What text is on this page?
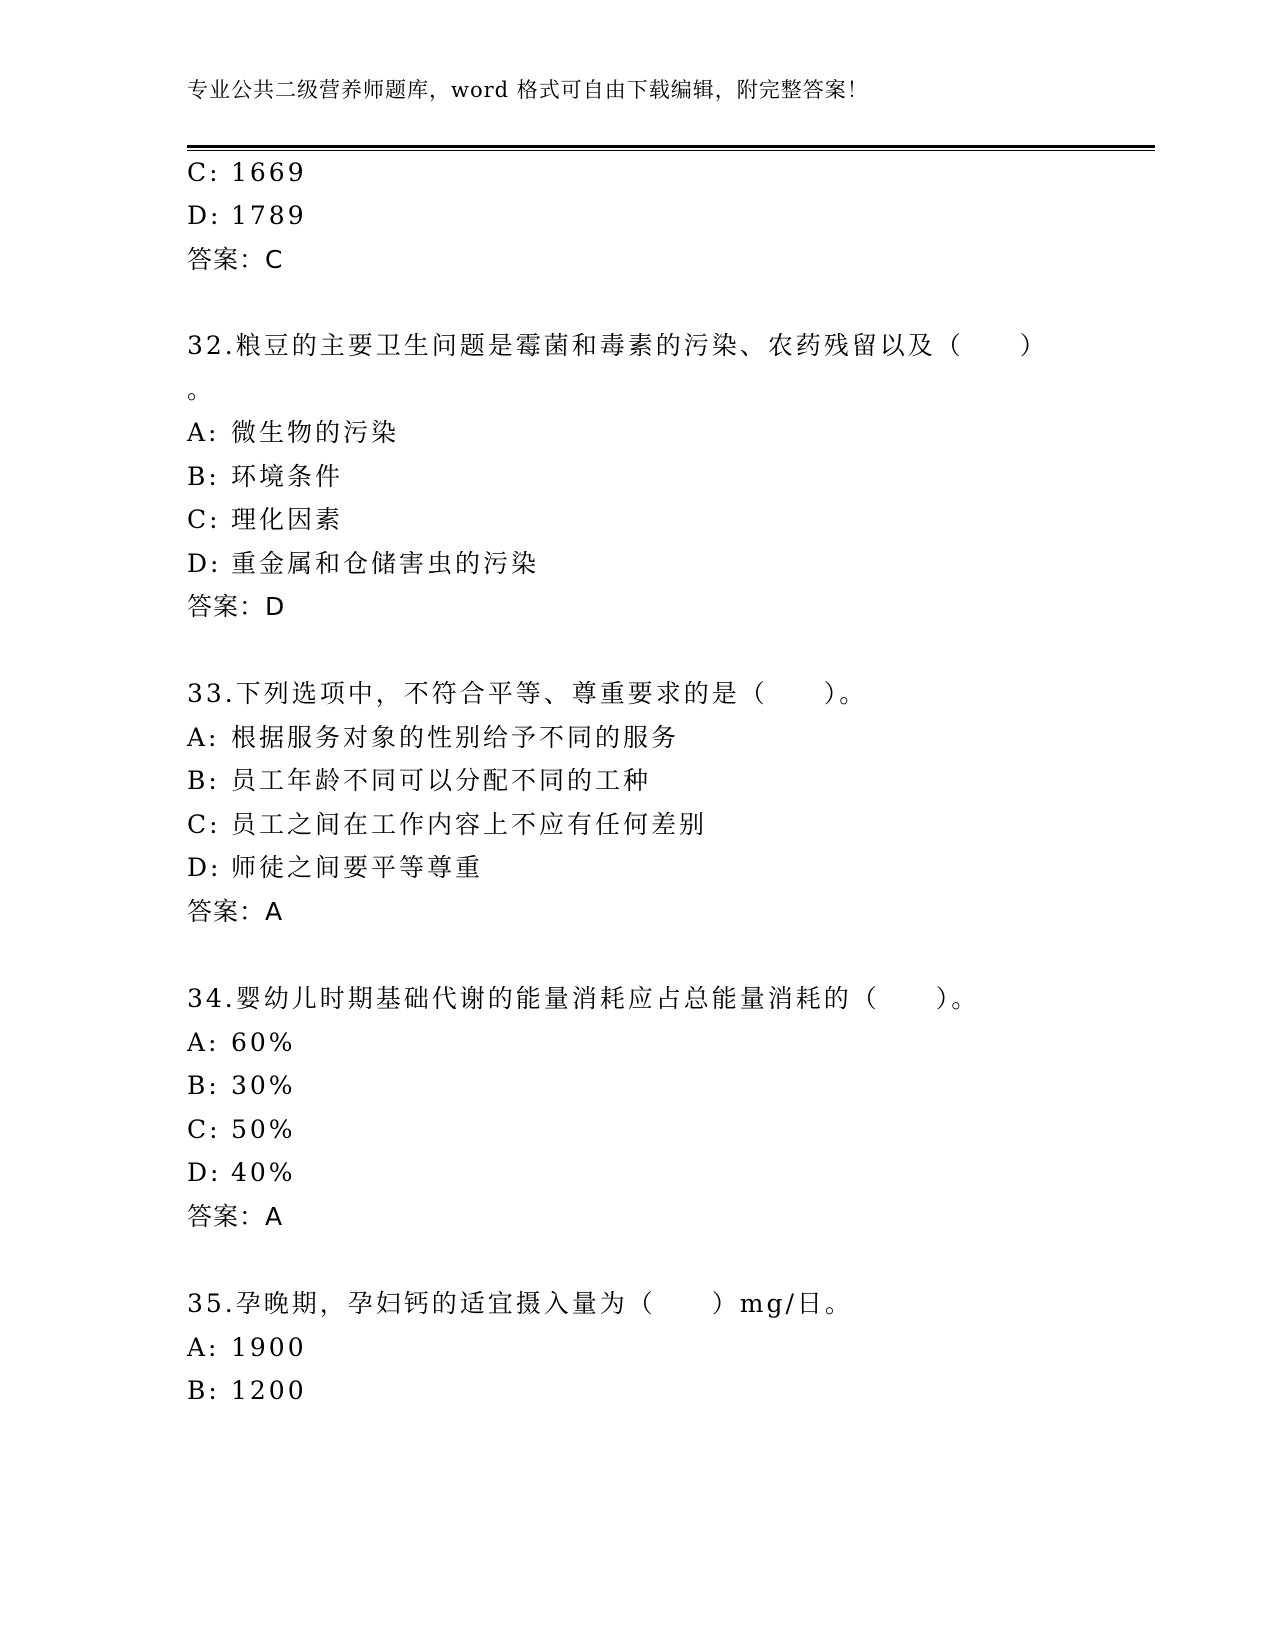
专业公共二级营养师题库，word 格式可自由下载编辑，附完整答案！
C: 1669
D: 1789
答案：C
32.粮豆的主要卫生问题是霉菌和毒素的污染、农药残留以及（　　）
。
A: 微生物的污染
B: 环境条件
C: 理化因素
D: 重金属和仓储害虫的污染
答案：D
33.下列选项中，不符合平等、尊重要求的是（　　）。
A: 根据服务对象的性别给予不同的服务
B: 员工年龄不同可以分配不同的工种
C: 员工之间在工作内容上不应有任何差别
D: 师徒之间要平等尊重
答案：A
34.婴幼儿时期基础代谢的能量消耗应占总能量消耗的（　　）。
A: 60%
B: 30%
C: 50%
D: 40%
答案：A
35.孕晚期，孕妇钙的适宜摄入量为（　　）mg/日。
A: 1900
B: 1200
